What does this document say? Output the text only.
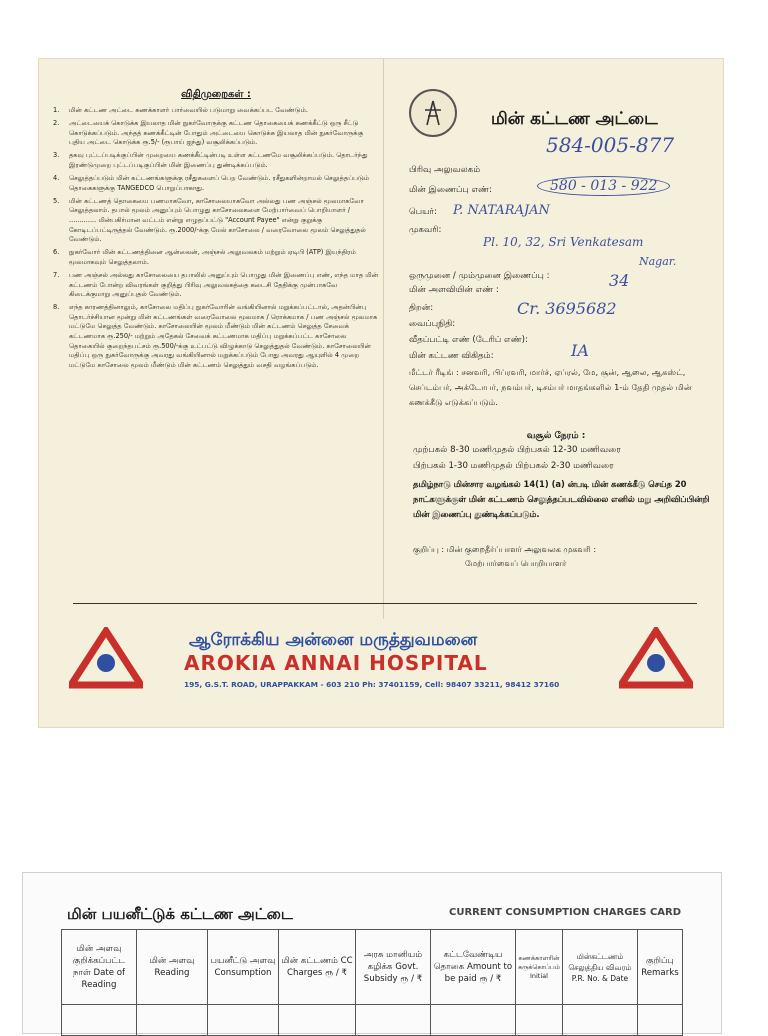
விதிமுறைகள் :
1.	மின் கட்டண அட்டை கணக்காளர் பார்வையில் படுமாறு வைக்கப்பட வேண்டும்.
2.	அட்டையைக் கொடுக்க இயலாத மின் நுகர்வோருக்கு கட்டண தொகையைக் கணக்கீட்டு ஒரு சீட்டு கொடுக்கப்படும். அந்தத் கணக்கீட்டின் போதும் அட்டையை கொடுக்க இயலாத மின் நுகர்வோருக்கு புதிய அட்டை கொடுக்க ரூ.5/- (ரூபாய் ஐந்து) வசூலிக்கப்படும்.
3.	தகவு புட்டப்படிக்குப்பின் முறையை கணக்கீட்டின்படி உள்ள கட்டணமே வசூலிக்கப்படும். தொடர்ந்து இரண்டுமுறை புட்டப்படிகுப்பின் மின் இணைப்பு துண்டிக்கப்படும்.
4.	செலுத்தப்படும் மின் கட்டணங்களுக்கு ரசீதுகளைப் பெற வேண்டும். ரசீதுகளின்றாமல் செலுத்தப்படும் தொகைகளுக்கு TANGEDCO பொறுப்பாகாது.
5.	மின் கட்டணத் தொகையை பணமாகவோ, காசோலையாகவோ அல்லது பண அஞ்சல் மூலமாகவோ செலுத்தலாம். தபால் மூலம் அனுப்பும் பொழுது காசோலைகளை மேற்பார்வைப் பொறியாளர் / ............. மின்பகிர்மான வட்டம் என்று எழுதப்பட்டு "Account Payee" என்று குறுக்கு கோடிடப்பட்டிருத்தல் வேண்டும். ரூ.2000/-க்கு மேல் காசோலை / வரைவோலை மூலம் செலுத்துதல் வேண்டும்.
6.	நுகர்வோர் மின் கட்டணத்தினை ஆன்லைன், அஞ்சல் அலுவலகம் மற்றும் ஏடிபி (ATP) இயந்திரம் மூலமாகவும் செலுத்தலாம்.
7.	பண அஞ்சல் அல்லது காசோலையை தபாலில் அனுப்பும் பொழுது மின் இணைப்பு எண், எந்த மாத மின் கட்டணம் போன்ற விவரங்கள் குறித்து பிரிவு அலுவலகத்தை கடைசி தேதிக்கு முன்பாகவே கிடைக்குமாறு அனுப்புதல் வேண்டும்.
8.	எந்த காரணத்தினாலும், காசோலை மதிப்பு நுகர்வோரின் வங்கியினால் மறுக்கப்பட்டால், அதன்பின்பு தொடர்ச்சியான மூன்று மின் கட்டணங்கள் வரைவோலை மூலமாக / ரொக்கமாக / பண அஞ்சல் மூலமாக மட்டுமே செலுத்த வேண்டும். காசோலையின் மூலம் மீண்டும் மின் கட்டணம் செலுத்த சேவைக் கட்டணமாக ரூ.250/- மற்றும் அதேகல் சேவைக் கட்டணமாக மதிப்பு மறுக்கப்பட்ட காசோலை தொகையில் குறைந்தபட்சம் ரூ.500/-க்கு உட்பட்டு விழுக்காடு செலுத்துதல் வேண்டும். காசோலையின் மதிப்பு ஒரு நுகர்வோருக்கு அவரது வங்கியினால் மறுக்கப்படும் போது அவரது ஆயுளில் 4 முறை மட்டுமே காசோலை மூலம் மீண்டும் மின் கட்டணம் செலுத்தும் வசதி வழங்கப்படும்.
மின் கட்டண அட்டை
584-005-877
பிரிவு அலுவலகம்
மின் இணைப்பு எண்:	580 - 013 - 922
பெயர்: P. NATARAJAN
முகவரி:
Pl. 10, 32, Sri Venkatesam
Nagar.
ஒருமுனை / மும்முனை இணைப்பு :
மின் அளவியின் எண் :	34
திறன்:	Cr. 3695682
வைப்புநிதி:
வீதப்பட்டி எண் (டேரிப் எண்):
மின் கட்டண விகிதம்:	IA
மீட்டர் ரீடிங் : சனவரி, பிப்ரவரி, மார்ச், ஏப்ரல், மே, சூன், ஆலை, ஆகஸ்ட், செப்டம்பர், அக்டோபர், நவம்பர், டிசம்பர் மாதங்களில் 1-ம் தேதி முதல் மின் கணக்கீடு எடுக்கப்படும்.
வசூல் நேரம் :
முற்பகல் 8-30 மணிமுதல் பிற்பகல் 12-30 மணிவரை
பிற்பகல் 1-30 மணிமுதல் பிற்பகல் 2-30 மணிவரை
தமிழ்நாடு மின்சார வழங்கல் 14(1) (a) ன்படி மின் கணக்கீடு செய்த 20 நாட்களுக்குள் மின் கட்டணம் செலுத்தப்படவில்லை எனில் மறு அறிவிப்பின்றி மின் இணைப்பு துண்டிக்கப்படும்.
குறிப்பு : மின் குறைதீர்ப்பாளர் அலுவலக முகவரி :
மேற்பார்வைப் பொறியாளர்
ஆரோக்கிய அன்னை மருத்துவமனை
AROKIA ANNAI HOSPITAL
195, G.S.T. ROAD, URAPPAKKAM - 603 210 Ph: 37401159, Cell: 98407 33211, 98412 37160
மின் பயனீட்டுக் கட்டண அட்டை	CURRENT CONSUMPTION CHARGES CARD
மின் அளவு குறிக்கப்பட்ட நாள் Date of Reading	மின் அளவு Reading	பயனீட்டு அளவு Consumption	மின் கட்டணம் CC Charges ரூ / ₹	அரசு மானியம் கழிக்க Govt. Subsidy ரூ / ₹	கட்டவேண்டிய தொகை Amount to be paid ரூ / ₹	கணக்காளரின் சுருக்கொப்பம் Initial	மின்கட்டணம் செலுத்திய விவரம் P.R. No. & Date	குறிப்பு Remarks
